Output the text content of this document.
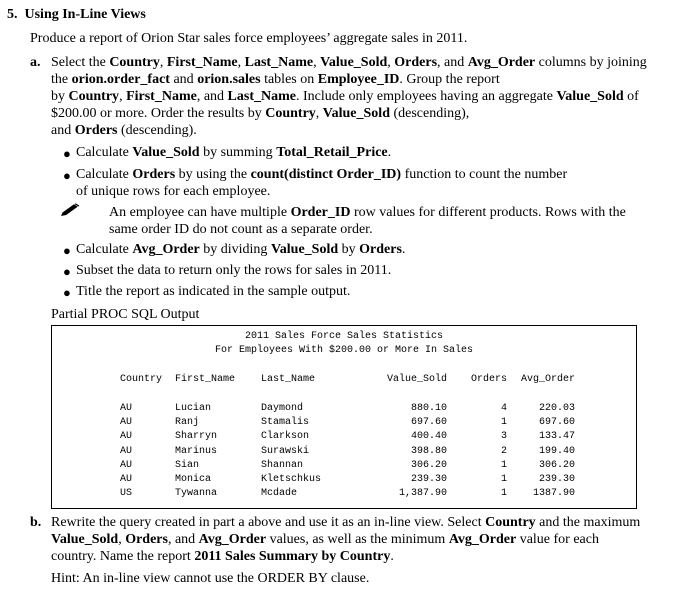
5. Using In-Line Views
Produce a report of Orion Star sales force employees’ aggregate sales in 2011.
a. Select the Country, First_Name, Last_Name, Value_Sold, Orders, and Avg_Order columns by joining
the orion.order_fact and orion.sales tables on Employee_ID. Group the report
by Country, First_Name, and Last_Name. Include only employees having an aggregate Value_Sold of
$200.00 or more. Order the results by Country, Value_Sold (descending),
and Orders (descending).
● Calculate Value_Sold by summing Total_Retail_Price.
● Calculate Orders by using the count(distinct Order_ID) function to count the number
of unique rows for each employee.
An employee can have multiple Order_ID row values for different products. Rows with the
same order ID do not count as a separate order.
● Calculate Avg_Order by dividing Value_Sold by Orders.
● Subset the data to return only the rows for sales in 2011.
● Title the report as indicated in the sample output.
Partial PROC SQL Output
2011 Sales Force Sales Statistics
For Employees With $200.00 or More In Sales
Country First_Name	Last_Name	Value_Sold	Orders	Avg_Order
AU	Lucian	Daymond	880.10	4	220.03
AU	Ranj	Stamalis	697.60	1	697.60
AU	Sharryn	Clarkson	400.40	3	133.47
AU	Marinus	Surawski	398.80	2	199.40
AU	Sian	Shannan	306.20	1	306.20
AU	Monica	Kletschkus	239.30	1	239.30
US	Tywanna	Mcdade	1,387.90	1	1387.90
b. Rewrite the query created in part a above and use it as an in-line view. Select Country and the maximum
Value_Sold, Orders, and Avg_Order values, as well as the minimum Avg_Order value for each
country. Name the report 2011 Sales Summary by Country.
Hint: An in-line view cannot use the ORDER BY clause.
